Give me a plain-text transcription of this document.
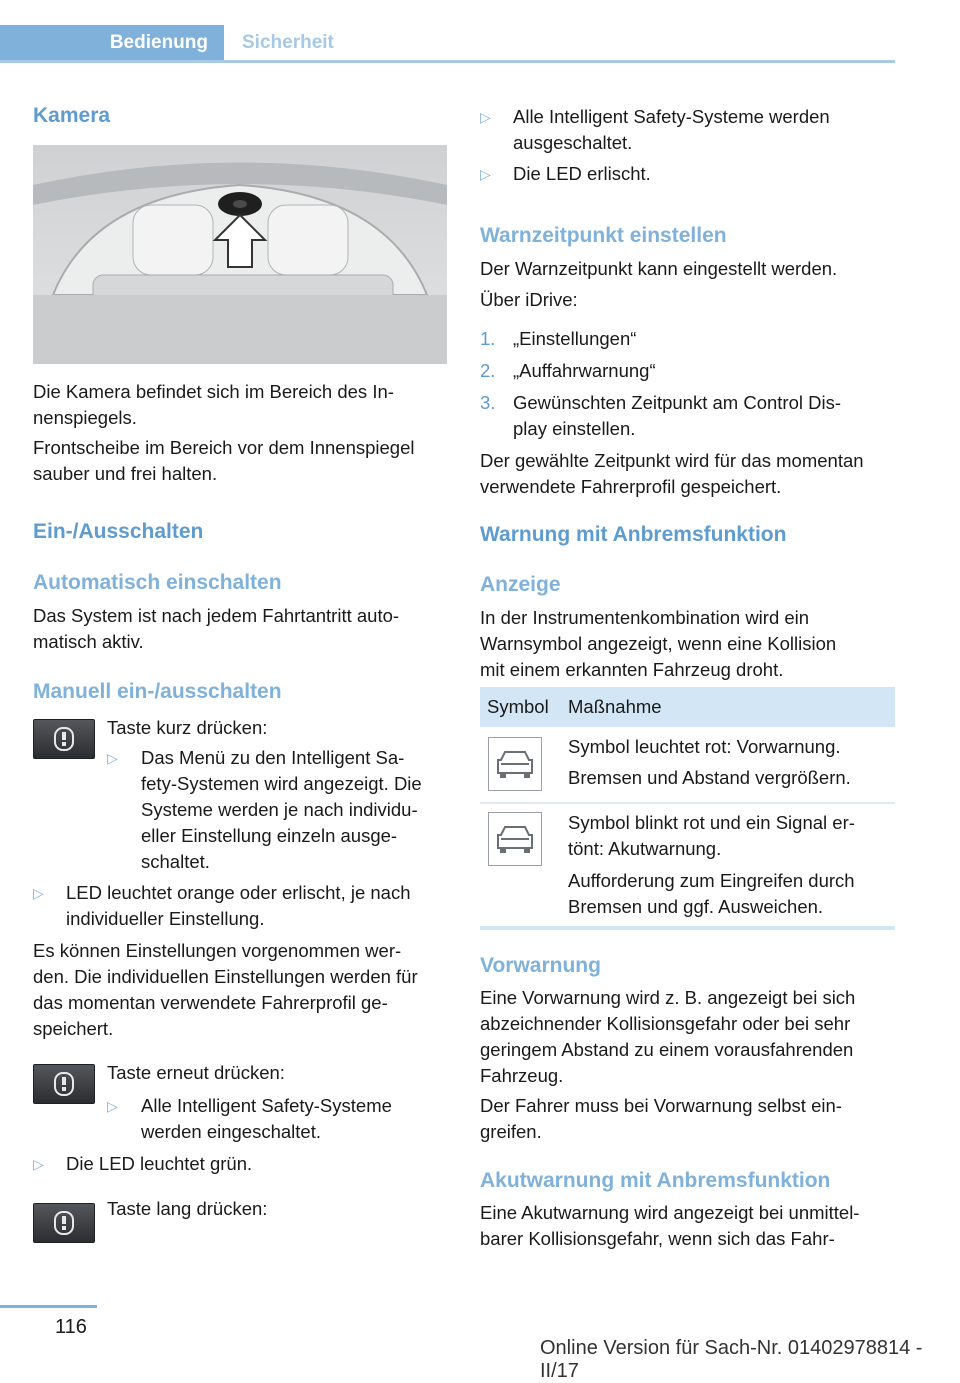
Bedienung	Sicherheit
Kamera
Die Kamera befindet sich im Bereich des In-
nenspiegels.
Frontscheibe im Bereich vor dem Innenspiegel
sauber und frei halten.
Ein-/Ausschalten
Automatisch einschalten
Das System ist nach jedem Fahrtantritt auto-
matisch aktiv.
Manuell ein-/ausschalten
Taste kurz drücken:
▷ Das Menü zu den Intelligent Sa-
fety-Systemen wird angezeigt. Die
Systeme werden je nach individu-
eller Einstellung einzeln ausge-
schaltet.
▷ LED leuchtet orange oder erlischt, je nach
individueller Einstellung.
Es können Einstellungen vorgenommen wer-
den. Die individuellen Einstellungen werden für
das momentan verwendete Fahrerprofil ge-
speichert.
Taste erneut drücken:
▷ Alle Intelligent Safety-Systeme
werden eingeschaltet.
▷ Die LED leuchtet grün.
Taste lang drücken:
▷ Alle Intelligent Safety-Systeme werden
ausgeschaltet.
▷ Die LED erlischt.
Warnzeitpunkt einstellen
Der Warnzeitpunkt kann eingestellt werden.
Über iDrive:
1. „Einstellungen“
2. „Auffahrwarnung“
3. Gewünschten Zeitpunkt am Control Dis-
play einstellen.
Der gewählte Zeitpunkt wird für das momentan
verwendete Fahrerprofil gespeichert.
Warnung mit Anbremsfunktion
Anzeige
In der Instrumentenkombination wird ein
Warnsymbol angezeigt, wenn eine Kollision
mit einem erkannten Fahrzeug droht.
Symbol Maßnahme
Symbol leuchtet rot: Vorwarnung.
Bremsen und Abstand vergrößern.
Symbol blinkt rot und ein Signal er-
tönt: Akutwarnung.
Aufforderung zum Eingreifen durch
Bremsen und ggf. Ausweichen.
Vorwarnung
Eine Vorwarnung wird z. B. angezeigt bei sich
abzeichnender Kollisionsgefahr oder bei sehr
geringem Abstand zu einem vorausfahrenden
Fahrzeug.
Der Fahrer muss bei Vorwarnung selbst ein-
greifen.
Akutwarnung mit Anbremsfunktion
Eine Akutwarnung wird angezeigt bei unmittel-
barer Kollisionsgefahr, wenn sich das Fahr-
116
Online Version für Sach-Nr. 01402978814 - II/17
